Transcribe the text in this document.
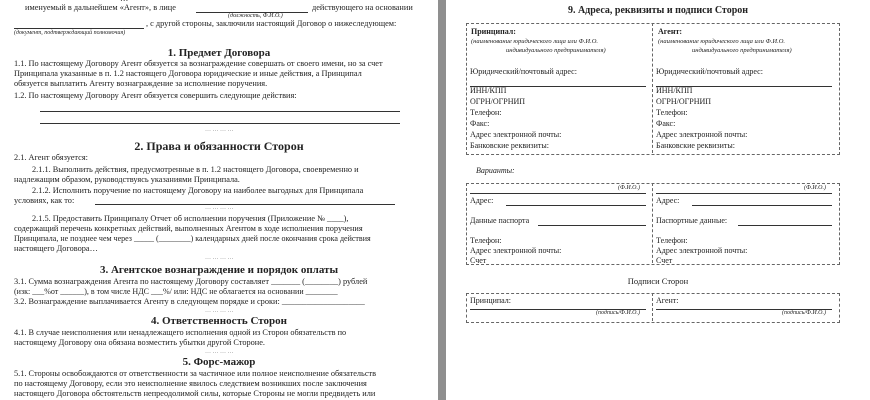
именуемый в дальнейшем «Агент», в лице	действующего на основании
(должность, Ф.И.О.)
, с другой стороны, заключили настоящий Договор о нижеследующем:
(документ, подтверждающий полномочия)
1. Предмет Договора
1.1. По настоящему Договору Агент обязуется за вознаграждение совершать от своего имени, но за счет
Принципала указанные в п. 1.2 настоящего Договора юридические и иные действия, а Принципал
обязуется выплатить Агенту вознаграждение за исполнение поручения.
1.2. По настоящему Договору Агент обязуется совершить следующие действия:
… … … …
2. Права и обязанности Сторон
2.1. Агент обязуется:
2.1.1. Выполнить действия, предусмотренные в п. 1.2 настоящего Договора, своевременно и
надлежащим образом, руководствуясь указаниями Принципала.
2.1.2. Исполнить поручение по настоящему Договору на наиболее выгодных для Принципала
условиях, как то:
… … … …
2.1.5. Предоставить Принципалу Отчет об исполнении поручения (Приложение № ____),
содержащий перечень конкретных действий, выполненных Агентом в ходе исполнения поручения
Принципала, не позднее чем через _____ (________) календарных дней после окончания срока действия
настоящего Договора…
… … … …
3. Агентское вознаграждение и порядок оплаты
3.1. Сумма вознаграждения Агента по настоящему Договору составляет _______ (________) рублей
(изк: ___%от ______), в том числе НДС ___%/ или: НДС не облагается на основании ________
3.2. Вознаграждение выплачивается Агенту в следующем порядке и сроки: ____________________
… … … …
4. Ответственность Сторон
4.1. В случае неисполнения или ненадлежащего исполнения одной из Сторон обязательств по
настоящему Договору она обязана возместить убытки другой Стороне.
… … … …
5. Форс-мажор
5.1. Стороны освобождаются от ответственности за частичное или полное неисполнение обязательств
по настоящему Договору, если это неисполнение явилось следствием возникших после заключения
настоящего Договора обстоятельств непреодолимой силы, которые Стороны не могли предвидеть или
9. Адреса, реквизиты и подписи Сторон
Принципал:
(наименование юридического лица или Ф.И.О.
индивидуального предпринимателя)
Юридический/почтовый адрес:
ИНН/КПП
ОГРН/ОГРНИП
Телефон:
Факс:
Адрес электронной почты:
Банковские реквизиты:
Агент:
(наименование юридического лица или Ф.И.О.
индивидуального предпринимателя)
Юридический/почтовый адрес:
ИНН/КПП
ОГРН/ОГРНИП
Телефон:
Факс:
Адрес электронной почты:
Банковские реквизиты:
Варианты:
(Ф.И.О.)
Адрес:
Данные паспорта
Телефон:
Адрес электронной почты:
Счет
(Ф.И.О.)
Адрес:
Паспортные данные:
Телефон:
Адрес электронной почты:
Счет
Подписи Сторон
Принципал:
(подпись/Ф.И.О.)
Агент:
(подпись/Ф.И.О.)
